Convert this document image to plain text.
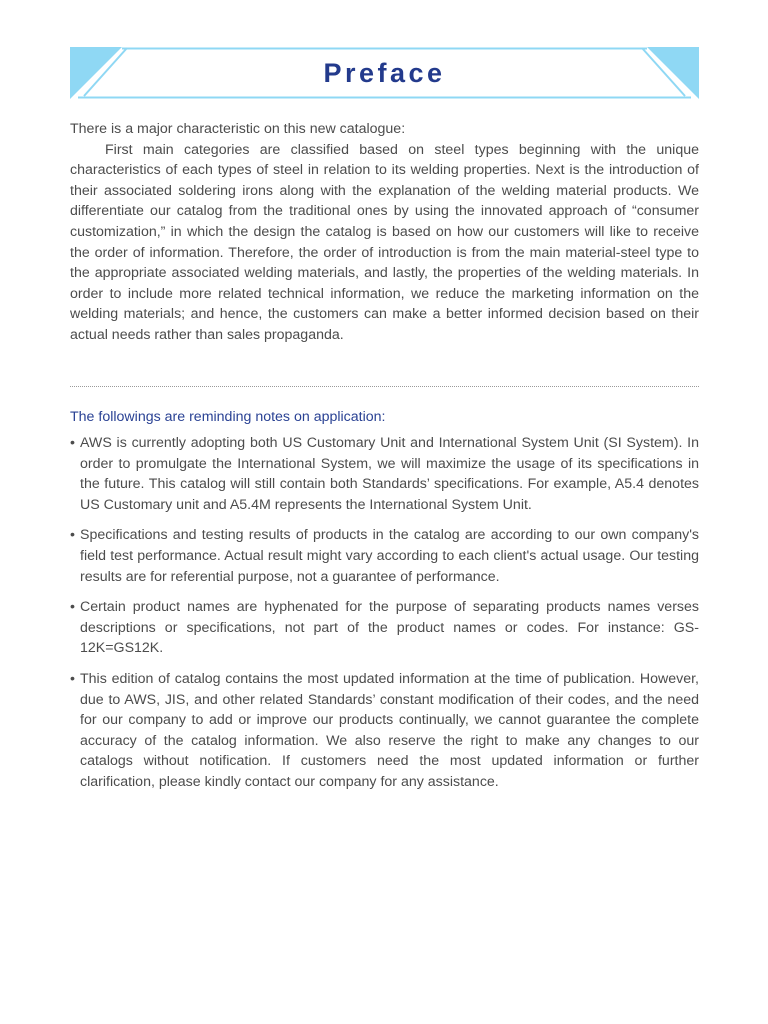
Preface

There is a major characteristic on this new catalogue:

First main categories are classified based on steel types beginning with the unique characteristics of each types of steel in relation to its welding properties. Next is the introduction of their associated soldering irons along with the explanation of the welding material products. We differentiate our catalog from the traditional ones by using the innovated approach of “consumer customization,” in which the design the catalog is based on how our customers will like to receive the order of information. Therefore, the order of introduction is from the main material-steel type to the appropriate associated welding materials, and lastly, the properties of the welding materials. In order to include more related technical information, we reduce the marketing information on the welding materials; and hence, the customers can make a better informed decision based on their actual needs rather than sales propaganda.

The followings are reminding notes on application:
• AWS is currently adopting both US Customary Unit and International System Unit (SI System). In order to promulgate the International System, we will maximize the usage of its specifications in the future. This catalog will still contain both Standards’ specifications. For example, A5.4 denotes US Customary unit and A5.4M represents the International System Unit.
• Specifications and testing results of products in the catalog are according to our own company's field test performance. Actual result might vary according to each client's actual usage. Our testing results are for referential purpose, not a guarantee of performance.
• Certain product names are hyphenated for the purpose of separating products names verses descriptions or specifications, not part of the product names or codes. For instance: GS-12K=GS12K.
• This edition of catalog contains the most updated information at the time of publication. However, due to AWS, JIS, and other related Standards’ constant modification of their codes, and the need for our company to add or improve our products continually, we cannot guarantee the complete accuracy of the catalog information. We also reserve the right to make any changes to our catalogs without notification. If customers need the most updated information or further clarification, please kindly contact our company for any assistance.
